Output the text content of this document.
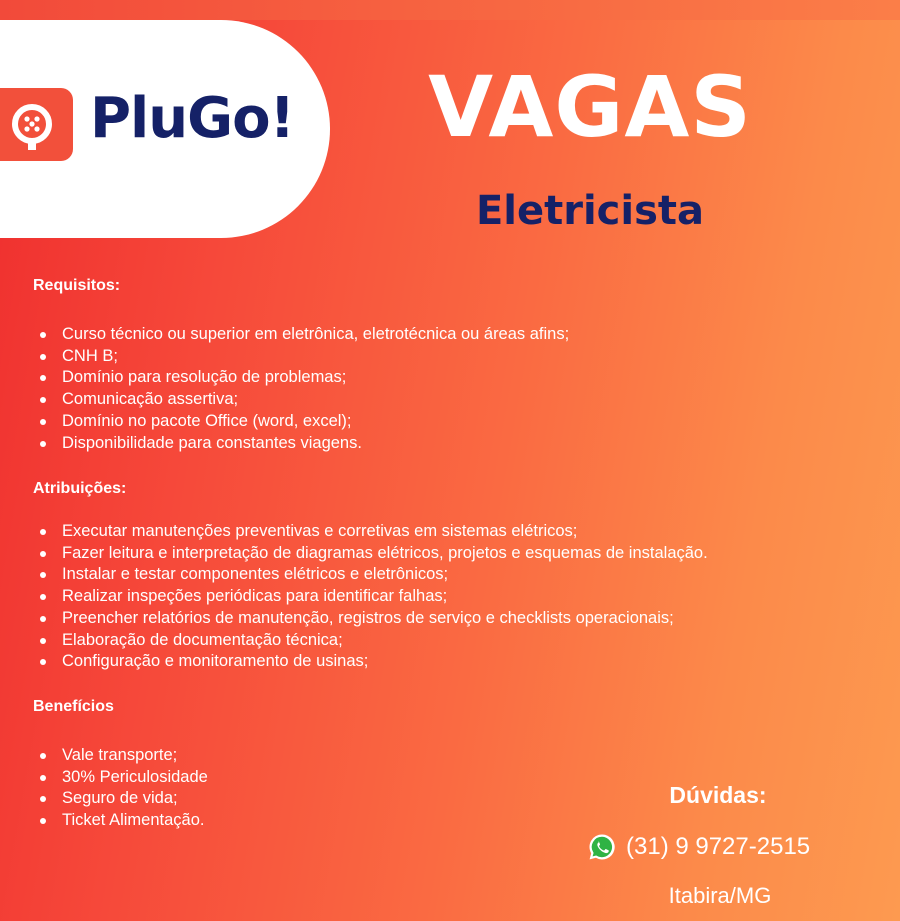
PluGo! VAGAS
Eletricista
Requisitos:
Curso técnico ou superior em eletrônica, eletrotécnica ou áreas afins;
CNH B;
Domínio para resolução de problemas;
Comunicação assertiva;
Domínio no pacote Office (word, excel);
Disponibilidade para constantes viagens.
Atribuições:
Executar manutenções preventivas e corretivas em sistemas elétricos;
Fazer leitura e interpretação de diagramas elétricos, projetos e esquemas de instalação.
Instalar e testar componentes elétricos e eletrônicos;
Realizar inspeções periódicas para identificar falhas;
Preencher relatórios de manutenção, registros de serviço e checklists operacionais;
Elaboração de documentação técnica;
Configuração e monitoramento de usinas;
Benefícios
Vale transporte;
30% Periculosidade
Seguro de vida;
Ticket Alimentação.
Dúvidas:
(31) 9 9727-2515
Itabira/MG
